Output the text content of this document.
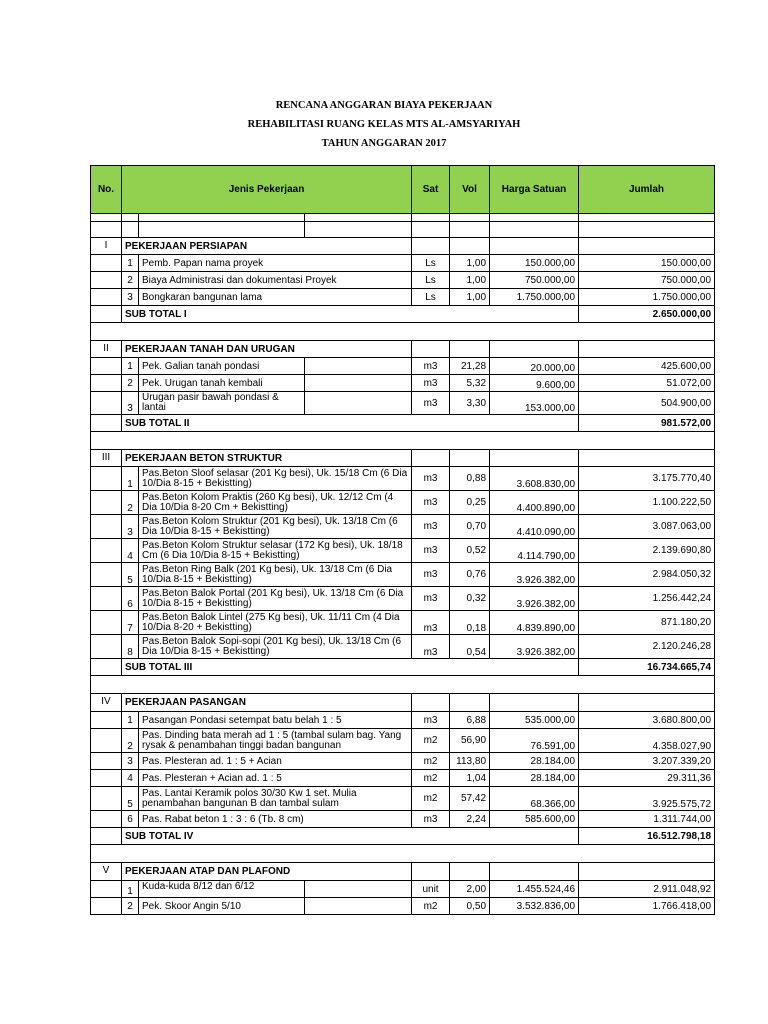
RENCANA ANGGARAN BIAYA PEKERJAAN
REHABILITASI RUANG KELAS MTS AL-AMSYARIYAH
TAHUN ANGGARAN 2017
No.	Jenis Pekerjaan			Sat	Vol	Harga Satuan	Jumlah

I	PEKERJAAN PERSIAPAN						
	1	Pemb. Papan nama proyek		Ls	1,00	150.000,00	150.000,00
	2	Biaya Administrasi dan dokumentasi Proyek		Ls	1,00	750.000,00	750.000,00
	3	Bongkaran bangunan lama		Ls	1,00	1.750.000,00	1.750.000,00
	SUB TOTAL I						2.650.000,00

II	PEKERJAAN TANAH DAN URUGAN						
	1	Pek. Galian tanah pondasi		m3	21,28	20.000,00	425.600,00
	2	Pek. Urugan tanah kembali		m3	5,32	9.600,00	51.072,00
	3	Urugan pasir bawah pondasi & lantai		m3	3,30	153.000,00	504.900,00
	SUB TOTAL II						981.572,00

III	PEKERJAAN BETON STRUKTUR						
	1	Pas.Beton Sloof selasar (201 Kg besi), Uk. 15/18 Cm (6 Dia 10/Dia 8-15 + Bekistting)		m3	0,88	3.608.830,00	3.175.770,40
	2	Pas.Beton Kolom Praktis (260 Kg besi), Uk. 12/12 Cm (4 Dia 10/Dia 8-20 Cm + Bekistting)		m3	0,25	4.400.890,00	1.100.222,50
	3	Pas.Beton Kolom Struktur (201 Kg besi), Uk. 13/18 Cm (6 Dia 10/Dia 8-15 + Bekistting)		m3	0,70	4.410.090,00	3.087.063,00
	4	Pas.Beton Kolom Struktur selasar (172 Kg besi), Uk. 18/18 Cm (6 Dia 10/Dia 8-15 + Bekistting)		m3	0,52	4.114.790,00	2.139.690,80
	5	Pas.Beton Ring Balk (201 Kg besi), Uk. 13/18 Cm (6 Dia 10/Dia 8-15 + Bekistting)		m3	0,76	3.926.382,00	2.984.050,32
	6	Pas.Beton Balok Portal (201 Kg besi), Uk. 13/18 Cm (6 Dia 10/Dia 8-15 + Bekistting)		m3	0,32	3.926.382,00	1.256.442,24
	7	Pas.Beton Balok Lintel (275 Kg besi), Uk. 11/11 Cm (4 Dia 10/Dia 8-20 + Bekistting)		m3	0,18	4.839.890,00	871.180,20
	8	Pas.Beton Balok Sopi-sopi (201 Kg besi), Uk. 13/18 Cm (6 Dia 10/Dia 8-15 + Bekistting)		m3	0,54	3.926.382,00	2.120.246,28
	SUB TOTAL III						16.734.665,74

IV	PEKERJAAN PASANGAN						
	1	Pasangan Pondasi setempat batu belah 1 : 5		m3	6,88	535.000,00	3.680.800,00
	2	Pas. Dinding bata merah ad 1 : 5 (tambal sulam bag. Yang rysak & penambahan tinggi badan bangunan		m2	56,90	76.591,00	4.358.027,90
	3	Pas. Plesteran ad. 1 : 5 + Acian		m2	113,80	28.184,00	3.207.339,20
	4	Pas. Plesteran + Acian ad. 1 : 5		m2	1,04	28.184,00	29.311,36
	5	Pas. Lantai Keramik polos 30/30 Kw 1 set. Mulia penambahan bangunan B dan tambal sulam		m2	57,42	68.366,00	3.925.575,72
	6	Pas. Rabat beton 1 : 3 : 6 (Tb. 8 cm)		m3	2,24	585.600,00	1.311.744,00
	SUB TOTAL IV						16.512.798,18

V	PEKERJAAN ATAP DAN PLAFOND						
	1	Kuda-kuda 8/12 dan 6/12		unit	2,00	1.455.524,46	2.911.048,92
	2	Pek. Skoor Angin 5/10		m2	0,50	3.532.836,00	1.766.418,00
